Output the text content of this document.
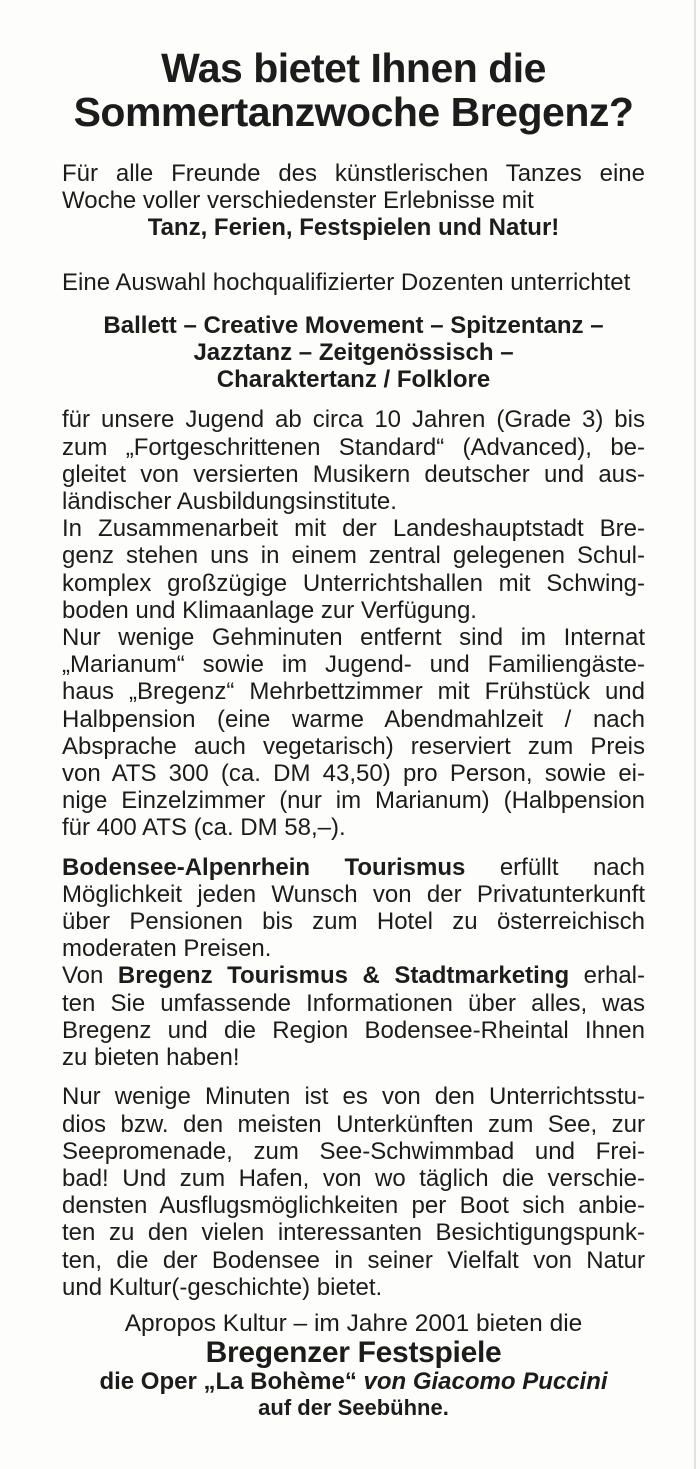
Was bietet Ihnen die
Sommertanzwoche Bregenz?
Für alle Freunde des künstlerischen Tanzes eine
Woche voller verschiedenster Erlebnisse mit
Tanz, Ferien, Festspielen und Natur!
Eine Auswahl hochqualifizierter Dozenten unterrichtet
Ballett – Creative Movement – Spitzentanz –
Jazztanz – Zeitgenössisch –
Charaktertanz / Folklore
für unsere Jugend ab circa 10 Jahren (Grade 3) bis
zum „Fortgeschrittenen Standard“ (Advanced), be-
gleitet von versierten Musikern deutscher und aus-
ländischer Ausbildungsinstitute.
In Zusammenarbeit mit der Landeshauptstadt Bre-
genz stehen uns in einem zentral gelegenen Schul-
komplex großzügige Unterrichtshallen mit Schwing-
boden und Klimaanlage zur Verfügung.
Nur wenige Gehminuten entfernt sind im Internat
„Marianum“ sowie im Jugend- und Familiengäste-
haus „Bregenz“ Mehrbettzimmer mit Frühstück und
Halbpension (eine warme Abendmahlzeit / nach
Absprache auch vegetarisch) reserviert zum Preis
von ATS 300 (ca. DM 43,50) pro Person, sowie ei-
nige Einzelzimmer (nur im Marianum) (Halbpension
für 400 ATS (ca. DM 58,–).
Bodensee-Alpenrhein Tourismus erfüllt nach
Möglichkeit jeden Wunsch von der Privatunterkunft
über Pensionen bis zum Hotel zu österreichisch
moderaten Preisen.
Von Bregenz Tourismus & Stadtmarketing erhal-
ten Sie umfassende Informationen über alles, was
Bregenz und die Region Bodensee-Rheintal Ihnen
zu bieten haben!
Nur wenige Minuten ist es von den Unterrichtsstu-
dios bzw. den meisten Unterkünften zum See, zur
Seepromenade, zum See-Schwimmbad und Frei-
bad! Und zum Hafen, von wo täglich die verschie-
densten Ausflugsmöglichkeiten per Boot sich anbie-
ten zu den vielen interessanten Besichtigungspunk-
ten, die der Bodensee in seiner Vielfalt von Natur
und Kultur(-geschichte) bietet.
Apropos Kultur – im Jahre 2001 bieten die
Bregenzer Festspiele
die Oper „La Bohème“ von Giacomo Puccini
auf der Seebühne.
